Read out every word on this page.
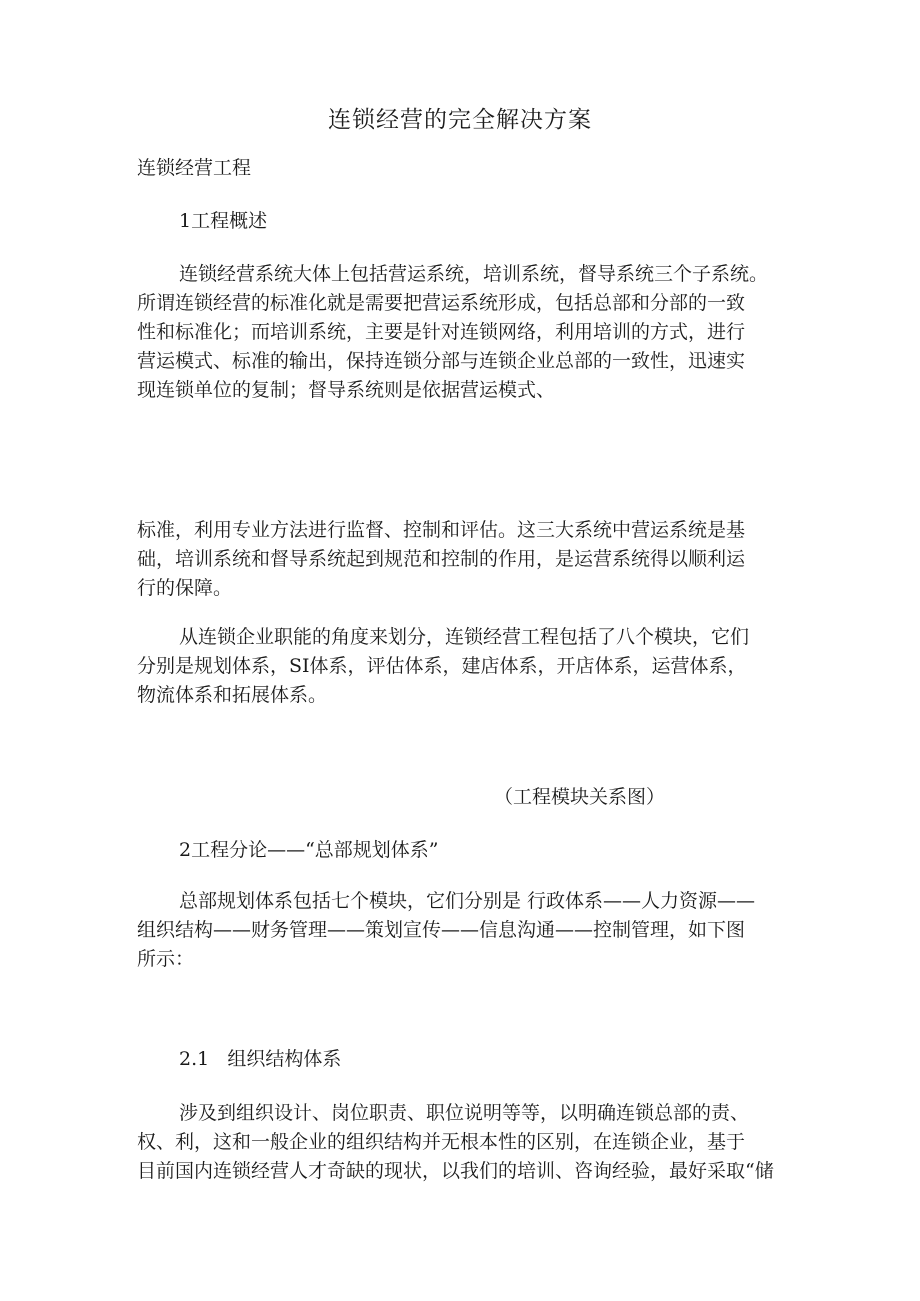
连锁经营的完全解决方案

连锁经营工程

1工程概述

连锁经营系统大体上包括营运系统，培训系统，督导系统三个子系统。
所谓连锁经营的标准化就是需要把营运系统形成，包括总部和分部的一致
性和标准化；而培训系统，主要是针对连锁网络，利用培训的方式，进行
营运模式、标准的输出，保持连锁分部与连锁企业总部的一致性，迅速实
现连锁单位的复制；督导系统则是依据营运模式、
标准，利用专业方法进行监督、控制和评估。这三大系统中营运系统是基
础，培训系统和督导系统起到规范和控制的作用，是运营系统得以顺利运
行的保障。
从连锁企业职能的角度来划分，连锁经营工程包括了八个模块，它们
分别是规划体系，SI体系，评估体系，建店体系，开店体系，运营体系，
物流体系和拓展体系。
（工程模块关系图）

2工程分论——“总部规划体系”

总部规划体系包括七个模块，它们分别是 行政体系——人力资源——
组织结构——财务管理——策划宣传——信息沟通——控制管理，如下图
所示：

2.1   组织结构体系

涉及到组织设计、岗位职责、职位说明等等，以明确连锁总部的责、
权、利，这和一般企业的组织结构并无根本性的区别，在连锁企业，基于
目前国内连锁经营人才奇缺的现状，以我们的培训、咨询经验，最好采取“储
